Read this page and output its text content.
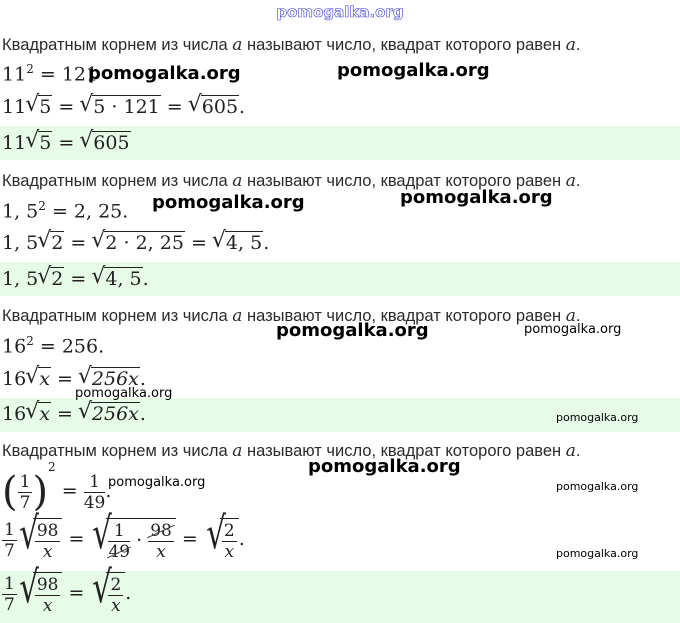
pomogalka.org
Квадратным корнем из числа a называют число, квадрат которого равен a.
$11^2 = 121$
11 √ 5 = √ 5 · 121 = √ 605.
11 √ 5 = √ 605
Квадратным корнем из числа a называют число, квадрат которого равен a.
1, $5^2 = 2$, 25.
1, 5 √ 2 = √ 2 · 2, 25 = √ 4, 5.
1, 5 √ 2 = √ 4, 5.
Квадратным корнем из числа a называют число, квадрат которого равен a.
$16^2 = 256$.
16 √ x = √ 256x.
16 √ x = √ 256x.
Квадратным корнем из числа a называют число, квадрат которого равен a.
( $\frac{1}{7} )^2 = \frac{1}{49}$ .
$\frac{1}{7}$ √ $\frac{98}{x}$ = √ $\frac{1}{49} \cdot \frac{98}{x}$ = √ $\frac{2}{x}$ .
$\frac{1}{7}$ √ $\frac{98}{x}$ = √ $\frac{2}{x}$ .
pomogalka.org	pomogalka.org
pomogalka.org	pomogalka.org
pomogalka.org	pomogalka.org
pomogalka.org
pomogalka.org
pomogalka.org
pomogalka.org	pomogalka.org
pomogalka.org
